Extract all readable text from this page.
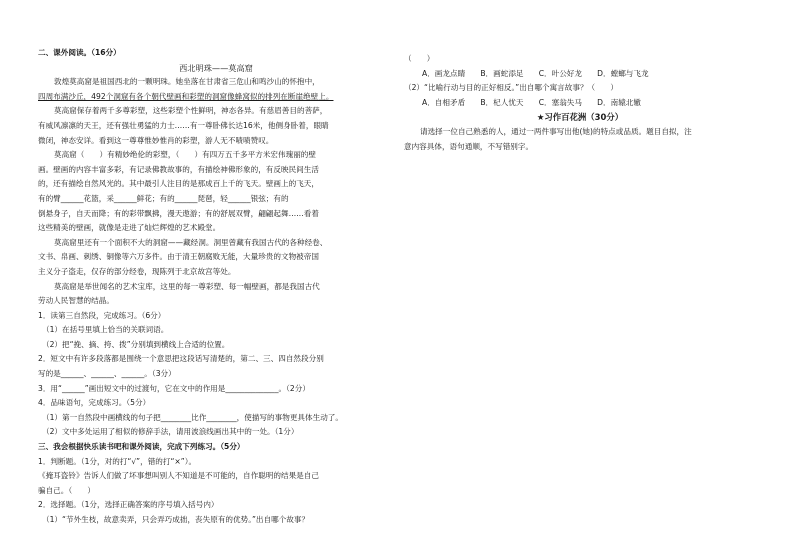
二、课外阅读。（16分）
西北明珠——莫高窟
敦煌莫高窟是祖国西北的一颗明珠。她坐落在甘肃省三危山和鸣沙山的怀抱中，
四周布满沙丘，492个洞窟有各个朝代壁画和彩塑的洞窟像蜂窝似的排列在断崖绝壁上。
莫高窟保存着两千多尊彩塑，这些彩塑个性鲜明，神态各异。有慈眉善目的菩萨，
有威风凛凛的天王，还有强壮勇猛的力士……有一尊卧佛长达16米，他侧身卧着，眼睛
微闭，神态安详。看到这一尊尊惟妙惟肖的彩塑，游人无不啧啧赞叹。
莫高窟（　　）有精妙绝伦的彩塑，（　　）有四万五千多平方米宏伟瑰丽的壁
画。壁画的内容丰富多彩，有记录佛教故事的，有描绘神佛形象的，有反映民间生活
的，还有描绘自然风光的。其中最引人注目的是那成百上千的飞天。壁画上的飞天，
有的臂______花篮，采______鲜花；有的______琵琶，轻______银弦；有的
倒悬身子，自天而降；有的彩带飘拂，漫天遨游；有的舒展双臂，翩翩起舞……看着
这些精美的壁画，就像是走进了灿烂辉煌的艺术殿堂。
莫高窟里还有一个面积不大的洞窟——藏经洞。洞里曾藏有我国古代的各种经卷、
文书、帛画、刺绣、铜像等六万多件。由于清王朝腐败无能，大量珍贵的文物被帝国
主义分子盗走，仅存的部分经卷，现陈列于北京故宫等处。
莫高窟是举世闻名的艺术宝库，这里的每一尊彩塑、每一幅壁画，都是我国古代
劳动人民智慧的结晶。
1．读第三自然段，完成练习。（6分）
（1）在括号里填上恰当的关联词语。
（2）把“挽、摘、挎、拨”分别填到横线上合适的位置。
2．短文中有许多段落都是围绕一个意思把这段话写清楚的，第二、三、四自然段分别
写的是______、______、______。（3分）
3．用“______”画出短文中的过渡句，它在文中的作用是______________。（2分）
4．品味语句，完成练习。（5分）
（1）第一自然段中画横线的句子把________比作________，使描写的事物更具体生动了。
（2）文中多处运用了相似的修辞手法，请用波浪线画出其中的一处。（1分）
三、我会根据快乐读书吧和课外阅读，完成下列练习。（5分）
1．判断题。（1分，对的打“√”，错的打“×”）。
《掩耳盗铃》告诉人们做了坏事想叫别人不知道是不可能的，自作聪明的结果是自己
骗自己。（　　）
2．选择题。（1分，选择正确答案的序号填入括号内）
（1）“节外生枝，故意卖弄，只会弄巧成拙，丧失原有的优势。”出自哪个故事？
（　　）
A．画龙点睛　　B．画蛇添足　　C．叶公好龙　　D．螳螂与飞龙
（2）“比喻行动与目的正好相反。”出自哪个寓言故事？（　　）
A．自相矛盾　　B．杞人忧天　　C．塞翁失马　　D．南辕北辙
★习作百花洲（30分）
请选择一位自己熟悉的人，通过一两件事写出他(她)的特点或品质。题目自拟，注
意内容具体，语句通顺，不写错别字。
